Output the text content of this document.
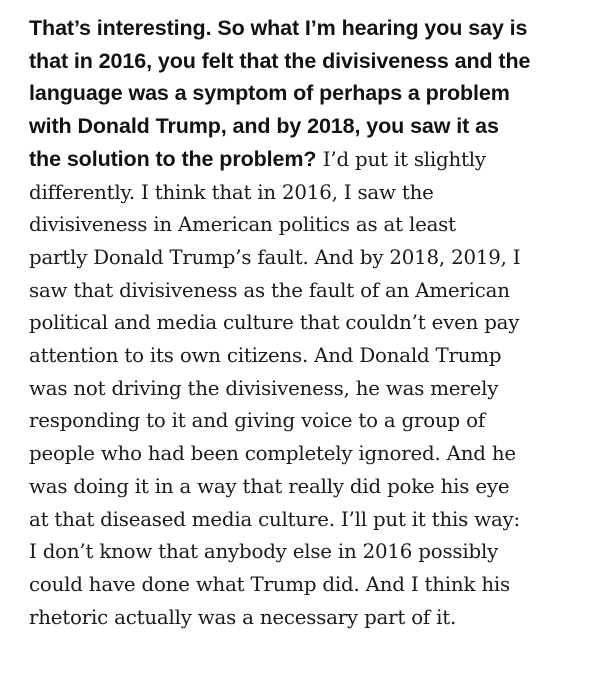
That’s interesting. So what I’m hearing you say is
that in 2016, you felt that the divisiveness and the
language was a symptom of perhaps a problem
with Donald Trump, and by 2018, you saw it as
the solution to the problem? I’d put it slightly
differently. I think that in 2016, I saw the
divisiveness in American politics as at least
partly Donald Trump’s fault. And by 2018, 2019, I
saw that divisiveness as the fault of an American
political and media culture that couldn’t even pay
attention to its own citizens. And Donald Trump
was not driving the divisiveness, he was merely
responding to it and giving voice to a group of
people who had been completely ignored. And he
was doing it in a way that really did poke his eye
at that diseased media culture. I’ll put it this way:
I don’t know that anybody else in 2016 possibly
could have done what Trump did. And I think his
rhetoric actually was a necessary part of it.
